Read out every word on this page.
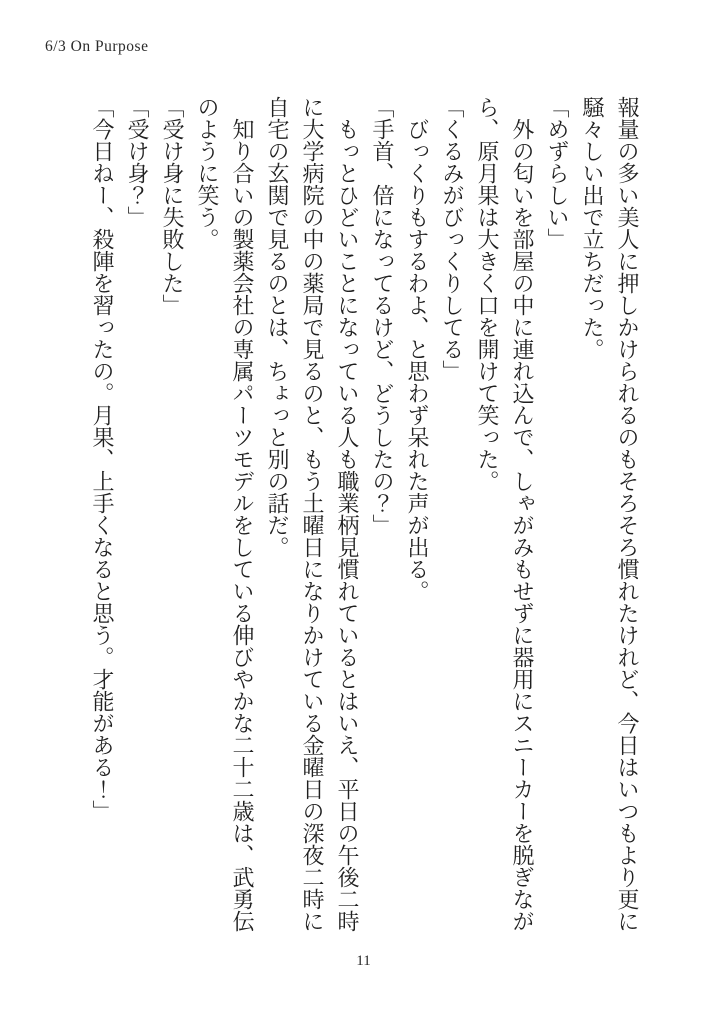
6/3 On Purpose

報量の多い美人に押しかけられるのもそろそろ慣れたけれど、今日はいつもより更に騒々しい出で立ちだった。

「めずらしい」

外の匂いを部屋の中に連れ込んで、しゃがみもせずに器用にスニーカーを脱ぎながら、原月果は大きく口を開けて笑った。

「くるみがびっくりしてる」

びっくりもするわよ、と思わず呆れた声が出る。

「手首、倍になってるけど、どうしたの？」

もっとひどいことになっている人も職業柄見慣れているとはいえ、平日の午後二時に大学病院の中の薬局で見るのと、もう土曜日になりかけている金曜日の深夜二時に自宅の玄関で見るのとは、ちょっと別の話だ。

知り合いの製薬会社の専属パーツモデルをしている伸びやかな二十二歳は、武勇伝のように笑う。

「受け身に失敗した」

「受け身？」

「今日ねー、殺陣を習ったの。月果、上手くなると思う。才能がある！」

11
